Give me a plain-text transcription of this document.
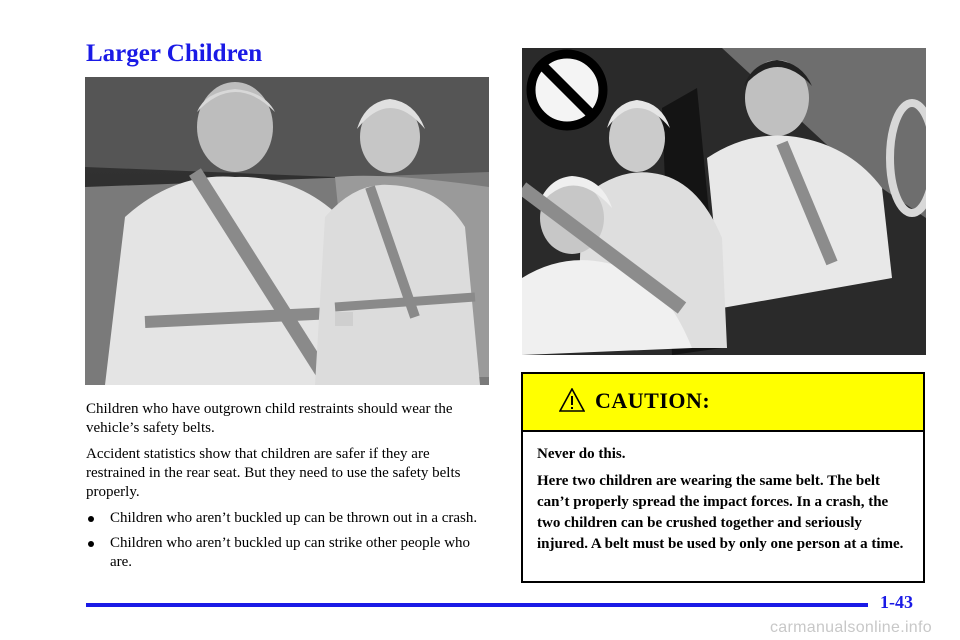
Larger Children

Children who have outgrown child restraints should wear the vehicle’s safety belts.

Accident statistics show that children are safer if they are restrained in the rear seat. But they need to use the safety belts properly.

Children who aren’t buckled up can be thrown out in a crash.
Children who aren’t buckled up can strike other people who are.
CAUTION:

Never do this.

Here two children are wearing the same belt. The belt can’t properly spread the impact forces. In a crash, the two children can be crushed together and seriously injured. A belt must be used by only one person at a time.

1-43
carmanualsonline.info
